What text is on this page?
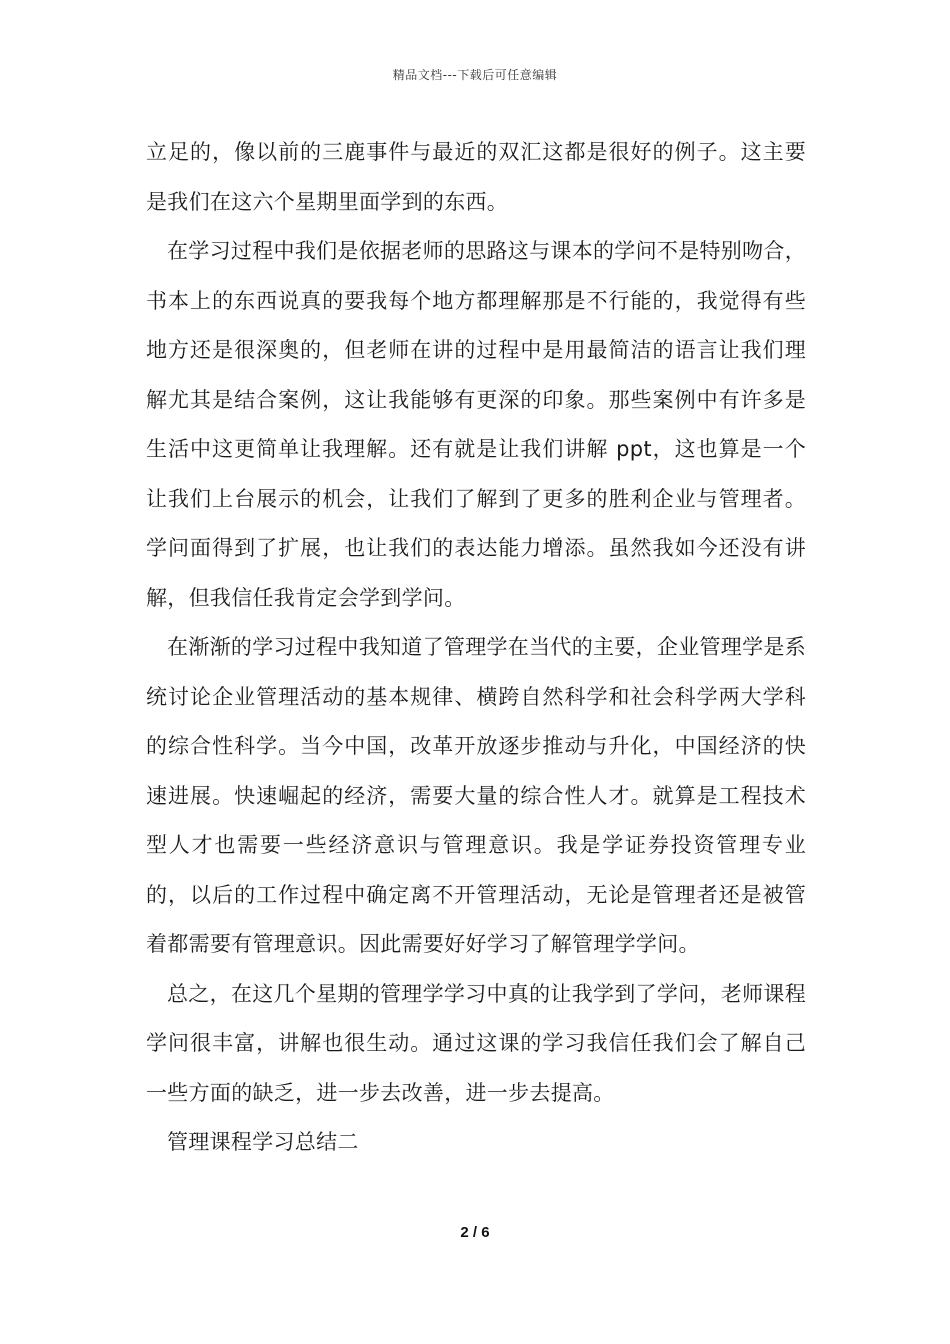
精品文档---下载后可任意编辑

立足的，像以前的三鹿事件与最近的双汇这都是很好的例子。这主要是我们在这六个星期里面学到的东西。

在学习过程中我们是依据老师的思路这与课本的学问不是特别吻合，书本上的东西说真的要我每个地方都理解那是不行能的，我觉得有些地方还是很深奥的，但老师在讲的过程中是用最简洁的语言让我们理解尤其是结合案例，这让我能够有更深的印象。那些案例中有许多是生活中这更简单让我理解。还有就是让我们讲解 ppt，这也算是一个让我们上台展示的机会，让我们了解到了更多的胜利企业与管理者。学问面得到了扩展，也让我们的表达能力增添。虽然我如今还没有讲解，但我信任我肯定会学到学问。

在渐渐的学习过程中我知道了管理学在当代的主要，企业管理学是系统讨论企业管理活动的基本规律、横跨自然科学和社会科学两大学科的综合性科学。当今中国，改革开放逐步推动与升化，中国经济的快速进展。快速崛起的经济，需要大量的综合性人才。就算是工程技术型人才也需要一些经济意识与管理意识。我是学证券投资管理专业的，以后的工作过程中确定离不开管理活动，无论是管理者还是被管着都需要有管理意识。因此需要好好学习了解管理学学问。

总之，在这几个星期的管理学学习中真的让我学到了学问，老师课程学问很丰富，讲解也很生动。通过这课的学习我信任我们会了解自己一些方面的缺乏，进一步去改善，进一步去提高。

管理课程学习总结二

2 / 6
